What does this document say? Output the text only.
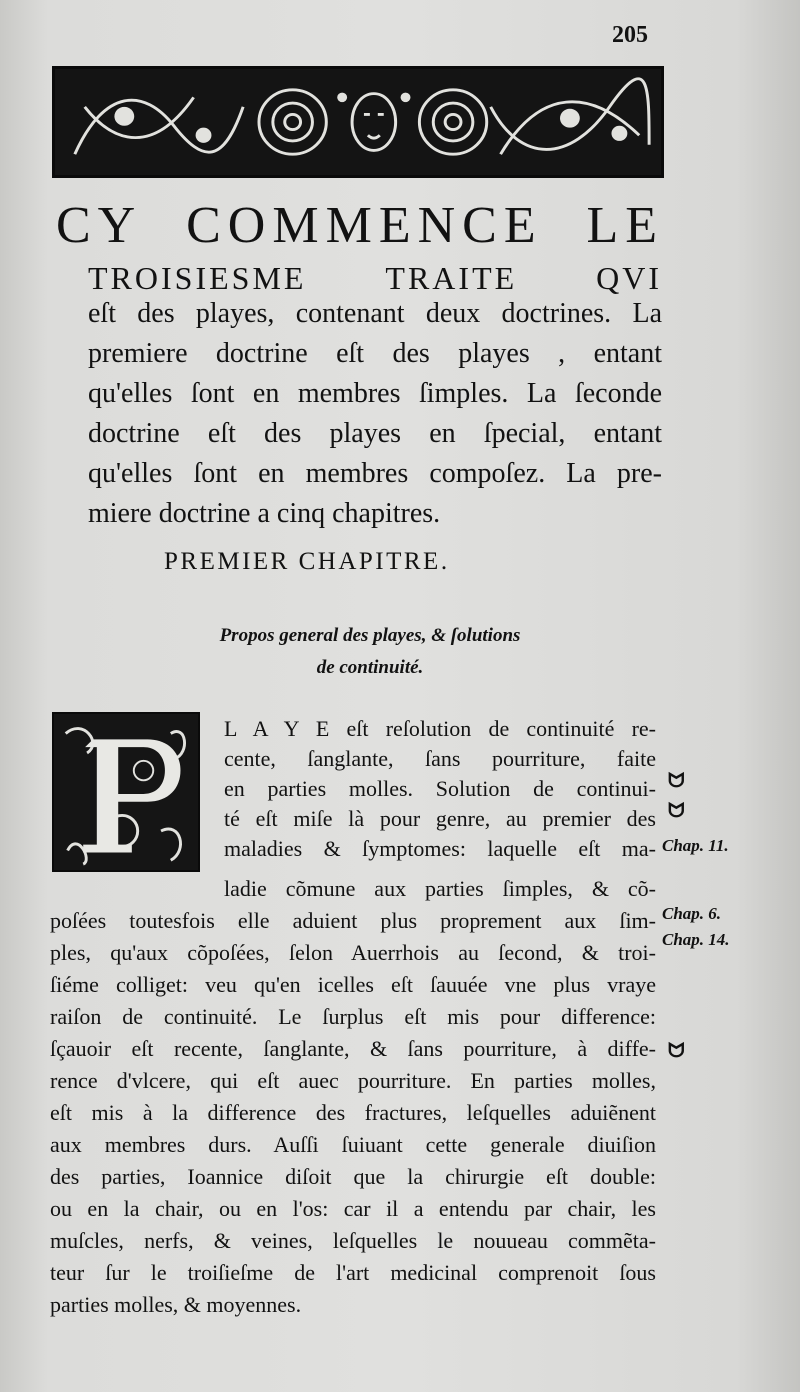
205
CY COMMENCE LE
TROISIESME TRAITE QVI
eſt des playes, contenant deux doctrines. La
premiere doctrine eſt des playes , entant
qu'elles ſont en membres ſimples. La ſeconde
doctrine eſt des playes en ſpecial, entant
qu'elles ſont en membres compoſez. La pre-
miere doctrine a cinq chapitres.
PREMIER CHAPITRE.
Propos general des playes, & ſolutions
de continuité.
L A Y E eſt reſolution de continuité re-
cente, ſanglante, ſans pourriture, faite
en parties molles. Solution de continui-
té eſt miſe là pour genre, au premier des
maladies & ſymptomes: laquelle eſt ma-
ladie cõmune aux parties ſimples, & cõ-
poſées toutesfois elle aduient plus proprement aux ſim-
ples, qu'aux cõpoſées, ſelon Auerrhois au ſecond, & troi-
ſiéme colliget: veu qu'en icelles eſt ſauuée vne plus vraye
raiſon de continuité. Le ſurplus eſt mis pour difference:
ſçauoir eſt recente, ſanglante, & ſans pourriture, à diffe-
rence d'vlcere, qui eſt auec pourriture. En parties molles,
eſt mis à la difference des fractures, leſquelles aduiẽnent
aux membres durs. Auſſi ſuiuant cette generale diuiſion
des parties, Ioannice diſoit que la chirurgie eſt double:
ou en la chair, ou en l'os: car il a entendu par chair, les
muſcles, nerfs, & veines, leſquelles le nouueau commẽta-
teur ſur le troiſieſme de l'art medicinal comprenoit ſous
parties molles, & moyennes.
ᗢ
ᗢ
Chap. 11.
Chap. 6.
Chap. 14.
ᗢ
